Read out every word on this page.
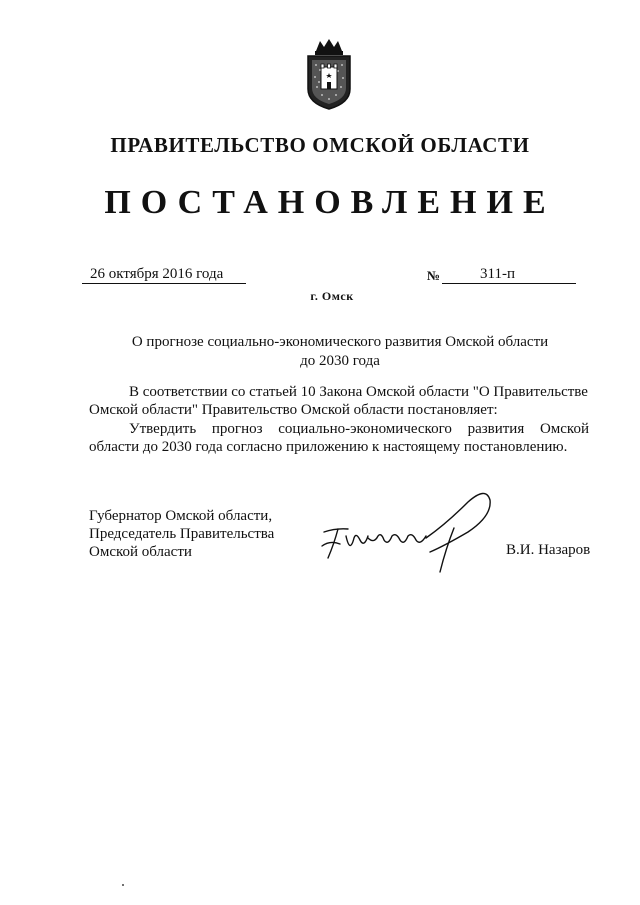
ПРАВИТЕЛЬСТВО ОМСКОЙ ОБЛАСТИ
ПОСТАНОВЛЕНИЕ
26 октября 2016 года	№	311-п
г. Омск
О прогнозе социально-экономического развития Омской области
до 2030 года
В соответствии со статьей 10 Закона Омской области "О Правительстве
Омской области" Правительство Омской области постановляет:

Утвердить прогноз социально-экономического развития Омской области до 2030 года согласно приложению к настоящему постановлению.

Губернатор Омской области,
Председатель Правительства
Омской области	В.И. Назаров
